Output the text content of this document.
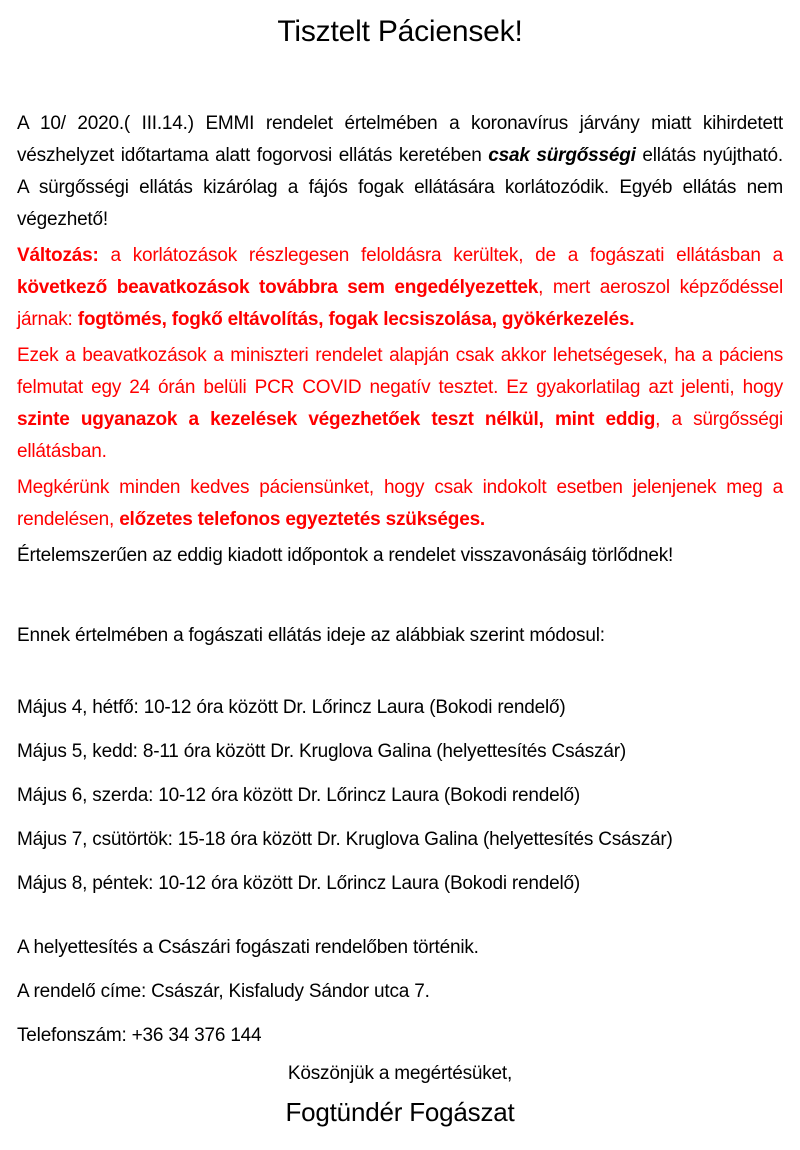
Tisztelt Páciensek!

A 10/ 2020.( III.14.) EMMI rendelet értelmében a koronavírus járvány miatt kihirdetett vészhelyzet időtartama alatt fogorvosi ellátás keretében csak sürgősségi ellátás nyújtható. A sürgősségi ellátás kizárólag a fájós fogak ellátására korlátozódik. Egyéb ellátás nem végezhető!

Változás: a korlátozások részlegesen feloldásra kerültek, de a fogászati ellátásban a következő beavatkozások továbbra sem engedélyezettek, mert aeroszol képződéssel járnak: fogtömés, fogkő eltávolítás, fogak lecsiszolása, gyökérkezelés.

Ezek a beavatkozások a miniszteri rendelet alapján csak akkor lehetségesek, ha a páciens felmutat egy 24 órán belüli PCR COVID negatív tesztet. Ez gyakorlatilag azt jelenti, hogy szinte ugyanazok a kezelések végezhetőek teszt nélkül, mint eddig, a sürgősségi ellátásban.

Megkérünk minden kedves páciensünket, hogy csak indokolt esetben jelenjenek meg a rendelésen, előzetes telefonos egyeztetés szükséges.

Értelemszerűen az eddig kiadott időpontok a rendelet visszavonásáig törlődnek!

Ennek értelmében a fogászati ellátás ideje az alábbiak szerint módosul:

Május 4, hétfő: 10-12 óra között Dr. Lőrincz Laura (Bokodi rendelő)

Május 5, kedd: 8-11 óra között Dr. Kruglova Galina (helyettesítés Császár)

Május 6, szerda: 10-12 óra között Dr. Lőrincz Laura (Bokodi rendelő)

Május 7, csütörtök: 15-18 óra között Dr. Kruglova Galina (helyettesítés Császár)

Május 8, péntek: 10-12 óra között Dr. Lőrincz Laura (Bokodi rendelő)

A helyettesítés a Császári fogászati rendelőben történik.

A rendelő címe: Császár, Kisfaludy Sándor utca 7.

Telefonszám: +36 34 376 144

Köszönjük a megértésüket,

Fogtündér Fogászat
